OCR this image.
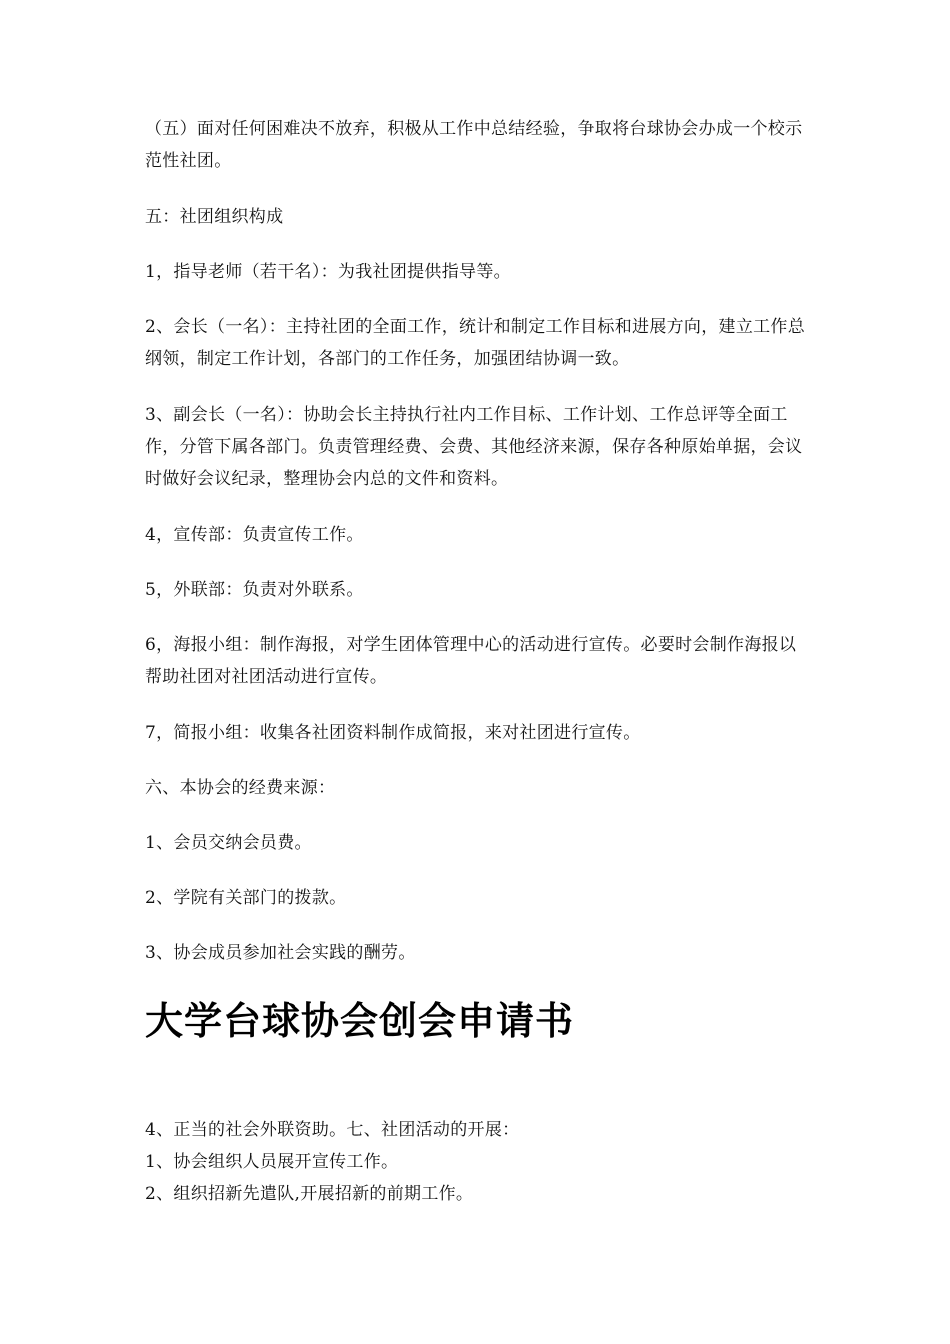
（五）面对任何困难决不放弃，积极从工作中总结经验，争取将台球协会办成一个校示范性社团。

五：社团组织构成

1，指导老师（若干名）：为我社团提供指导等。

2、会长（一名）：主持社团的全面工作，统计和制定工作目标和进展方向，建立工作总纲领，制定工作计划，各部门的工作任务，加强团结协调一致。

3、副会长（一名）：协助会长主持执行社内工作目标、工作计划、工作总评等全面工作，分管下属各部门。负责管理经费、会费、其他经济来源，保存各种原始单据，会议时做好会议纪录，整理协会内总的文件和资料。

4，宣传部：负责宣传工作。

5，外联部：负责对外联系。

6，海报小组：制作海报，对学生团体管理中心的活动进行宣传。必要时会制作海报以帮助社团对社团活动进行宣传。

7，简报小组：收集各社团资料制作成简报，来对社团进行宣传。

六、本协会的经费来源：

1、会员交纳会员费。

2、学院有关部门的拨款。

3、协会成员参加社会实践的酬劳。

大学台球协会创会申请书

4、正当的社会外联资助。七、社团活动的开展：

1、协会组织人员展开宣传工作。

2、组织招新先遣队,开展招新的前期工作。
